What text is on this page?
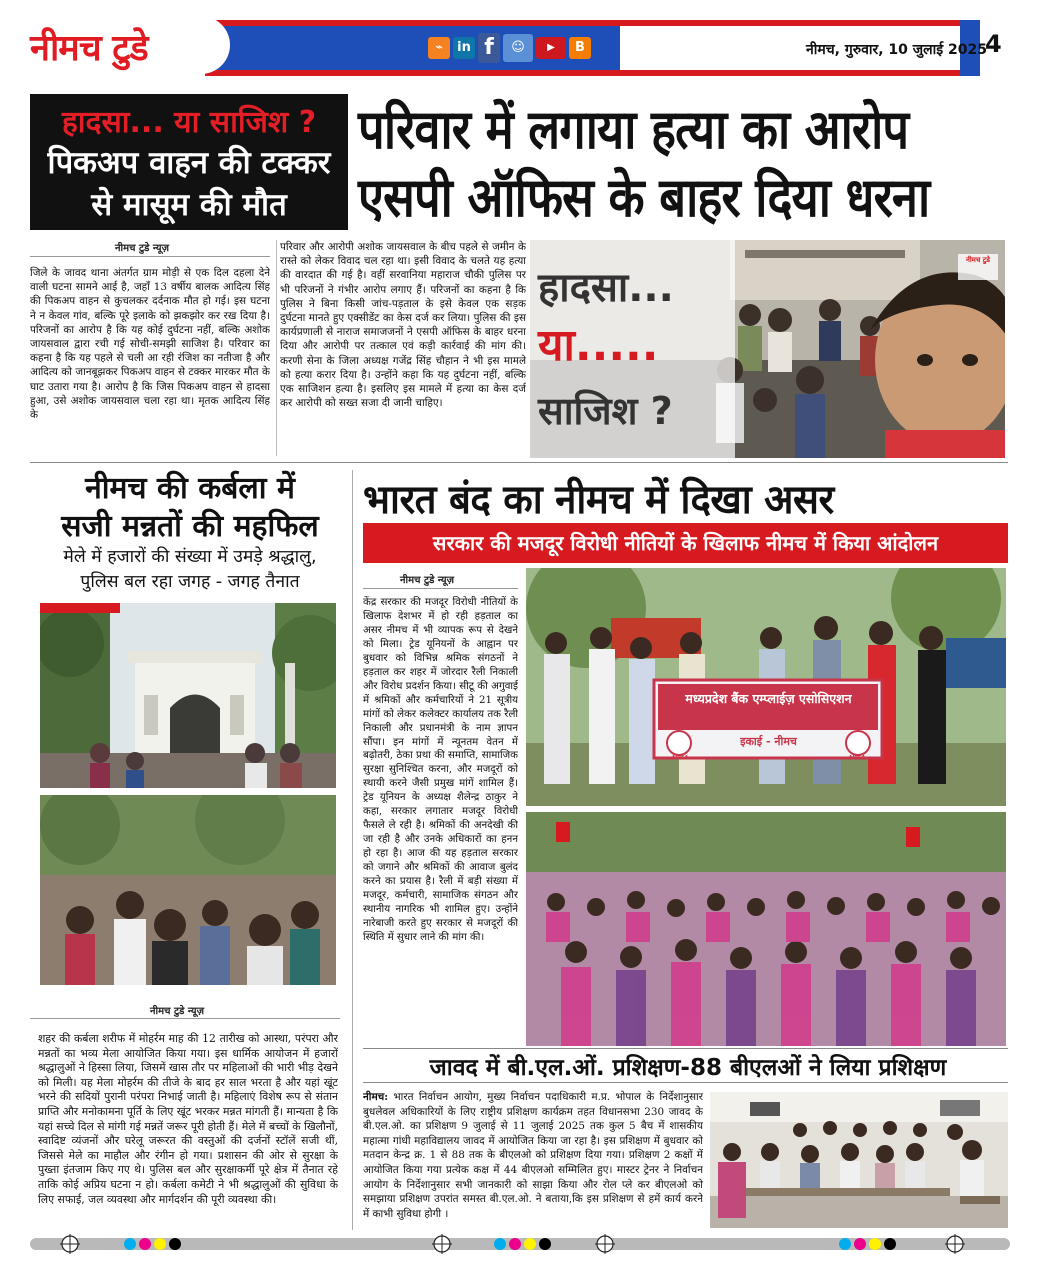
नीमच टुडे	⌁	in f	☺	▶	B	नीमच, गुरुवार, 10 जुलाई 2025
4
हादसा... या साजिश ?
पिकअप वाहन की टक्कर
से मासूम की मौत
परिवार में लगाया हत्या का आरोप
एसपी ऑफिस के बाहर दिया धरना
नीमच टुडे न्यूज़
जिले के जावद थाना अंतर्गत ग्राम मोड़ी से एक दिल दहला देने वाली घटना सामने आई है, जहाँ 13 वर्षीय बालक आदित्य सिंह की पिकअप वाहन से कुचलकर दर्दनाक मौत हो गई। इस घटना ने न केवल गांव, बल्कि पूरे इलाके को झकझोर कर रख दिया है। परिजनों का आरोप है कि यह कोई दुर्घटना नहीं, बल्कि अशोक जायसवाल द्वारा रची गई सोची-समझी साजिश है। परिवार का कहना है कि यह पहले से चली आ रही रंजिश का नतीजा है और आदित्य को जानबूझकर पिकअप वाहन से टक्कर मारकर मौत के घाट उतारा गया है। आरोप है कि जिस पिकअप वाहन से हादसा हुआ, उसे अशोक जायसवाल चला रहा था। मृतक आदित्य सिंह के
परिवार और आरोपी अशोक जायसवाल के बीच पहले से जमीन के रास्ते को लेकर विवाद चल रहा था। इसी विवाद के चलते यह हत्या की वारदात की गई है। वहीं सरवानिया महाराज चौकी पुलिस पर भी परिजनों ने गंभीर आरोप लगाए हैं। परिजनों का कहना है कि पुलिस ने बिना किसी जांच-पड़ताल के इसे केवल एक सड़क दुर्घटना मानते हुए एक्सीडेंट का केस दर्ज कर लिया। पुलिस की इस कार्यप्रणाली से नाराज समाजजनों ने एसपी ऑफिस के बाहर धरना दिया और आरोपी पर तत्काल एवं कड़ी कार्रवाई की मांग की। करणी सेना के जिला अध्यक्ष गजेंद्र सिंह चौहान ने भी इस मामले को हत्या करार दिया है। उन्होंने कहा कि यह दुर्घटना नहीं, बल्कि एक साजिशन हत्या है। इसलिए इस मामले में हत्या का केस दर्ज कर आरोपी को सख्त सजा दी जानी चाहिए।
हादसा...
या.....
साजिश ?
नीमच टुडे
नीमच की कर्बला में
सजी मन्नतों की महफिल
मेले में हजारों की संख्या में उमड़े श्रद्धालु,
पुलिस बल रहा जगह - जगह तैनात
नीमच टुडे न्यूज़
शहर की कर्बला शरीफ में मोहर्रम माह की 12 तारीख को आस्था, परंपरा और मन्नतों का भव्य मेला आयोजित किया गया। इस धार्मिक आयोजन में हजारों श्रद्धालुओं ने हिस्सा लिया, जिसमें खास तौर पर महिलाओं की भारी भीड़ देखने को मिली। यह मेला मोहर्रम की तीजे के बाद हर साल भरता है और यहां खूंट भरने की सदियों पुरानी परंपरा निभाई जाती है। महिलाएं विशेष रूप से संतान प्राप्ति और मनोकामना पूर्ति के लिए खूंट भरकर मन्नत मांगती हैं। मान्यता है कि यहां सच्चे दिल से मांगी गई मन्नतें जरूर पूरी होती हैं। मेले में बच्चों के खिलौनों, स्वादिष्ट व्यंजनों और घरेलू जरूरत की वस्तुओं की दर्जनों स्टॉलें सजी थीं, जिससे मेले का माहौल और रंगीन हो गया। प्रशासन की ओर से सुरक्षा के पुख्ता इंतजाम किए गए थे। पुलिस बल और सुरक्षाकर्मी पूरे क्षेत्र में तैनात रहे ताकि कोई अप्रिय घटना न हो। कर्बला कमेटी ने भी श्रद्धालुओं की सुविधा के लिए सफाई, जल व्यवस्था और मार्गदर्शन की पूरी व्यवस्था की।
भारत बंद का नीमच में दिखा असर
सरकार की मजदूर विरोधी नीतियों के खिलाफ नीमच में किया आंदोलन
नीमच टुडे न्यूज़
केंद्र सरकार की मजदूर विरोधी नीतियों के खिलाफ देशभर में हो रही हड़ताल का असर नीमच में भी व्यापक रूप से देखने को मिला। ट्रेड यूनियनों के आह्वान पर बुधवार को विभिन्न श्रमिक संगठनों ने हड़ताल कर शहर में जोरदार रैली निकाली और विरोध प्रदर्शन किया। सीटू की अगुवाई में श्रमिकों और कर्मचारियों ने 21 सूत्रीय मांगों को लेकर कलेक्टर कार्यालय तक रैली निकाली और प्रधानमंत्री के नाम ज्ञापन सौंपा। इन मांगों में न्यूनतम वेतन में बढ़ोतरी, ठेका प्रथा की समाप्ति, सामाजिक सुरक्षा सुनिश्चित करना, और मजदूरों को स्थायी करने जैसी प्रमुख मांगें शामिल हैं। ट्रेड यूनियन के अध्यक्ष शैलेन्द्र ठाकुर ने कहा, सरकार लगातार मजदूर विरोधी फैसले ले रही है। श्रमिकों की अनदेखी की जा रही है और उनके अधिकारों का हनन हो रहा है। आज की यह हड़ताल सरकार को जगाने और श्रमिकों की आवाज बुलंद करने का प्रयास है। रैली में बड़ी संख्या में मजदूर, कर्मचारी, सामाजिक संगठन और स्थानीय नागरिक भी शामिल हुए। उन्होंने नारेबाजी करते हुए सरकार से मजदूरों की स्थिति में सुधार लाने की मांग की।
मध्यप्रदेश बैंक एम्प्लाईज़ एसोसिएशन
इकाई - नीमच
AIBEA	AIBEA
जावद में बी.एल.ओं. प्रशिक्षण-88 बीएलओं ने लिया प्रशिक्षण
नीमच: भारत निर्वाचन आयोग, मुख्य निर्वाचन पदाधिकारी म.प्र. भोपाल के निर्देशानुसार बुधलेवल अधिकारियों के लिए राष्ट्रीय प्रशिक्षण कार्यक्रम तहत विधानसभा 230 जावद के बी.एल.ओ. का प्रशिक्षण 9 जुलाई से 11 जुलाई 2025 तक कुल 5 बैच में शासकीय महात्मा गांधी महाविद्यालय जावद में आयोजित किया जा रहा है। इस प्रशिक्षण में बुधवार को मतदान केन्द्र क्र. 1 से 88 तक के बीएलओ को प्रशिक्षण दिया गया। प्रशिक्षण 2 कक्षों में आयोजित किया गया प्रत्येक कक्ष में 44 बीएलओ सम्मिलित हुए। मास्टर ट्रेनर ने निर्वाचन आयोग के निर्देशानुसार सभी जानकारी को साझा किया और रोल प्ले कर बीएलओ को समझाया प्रशिक्षण उपरांत समस्त बी.एल.ओ. ने बताया,कि इस प्रशिक्षण से हमें कार्य करने में काभी सुविधा होगी ।
